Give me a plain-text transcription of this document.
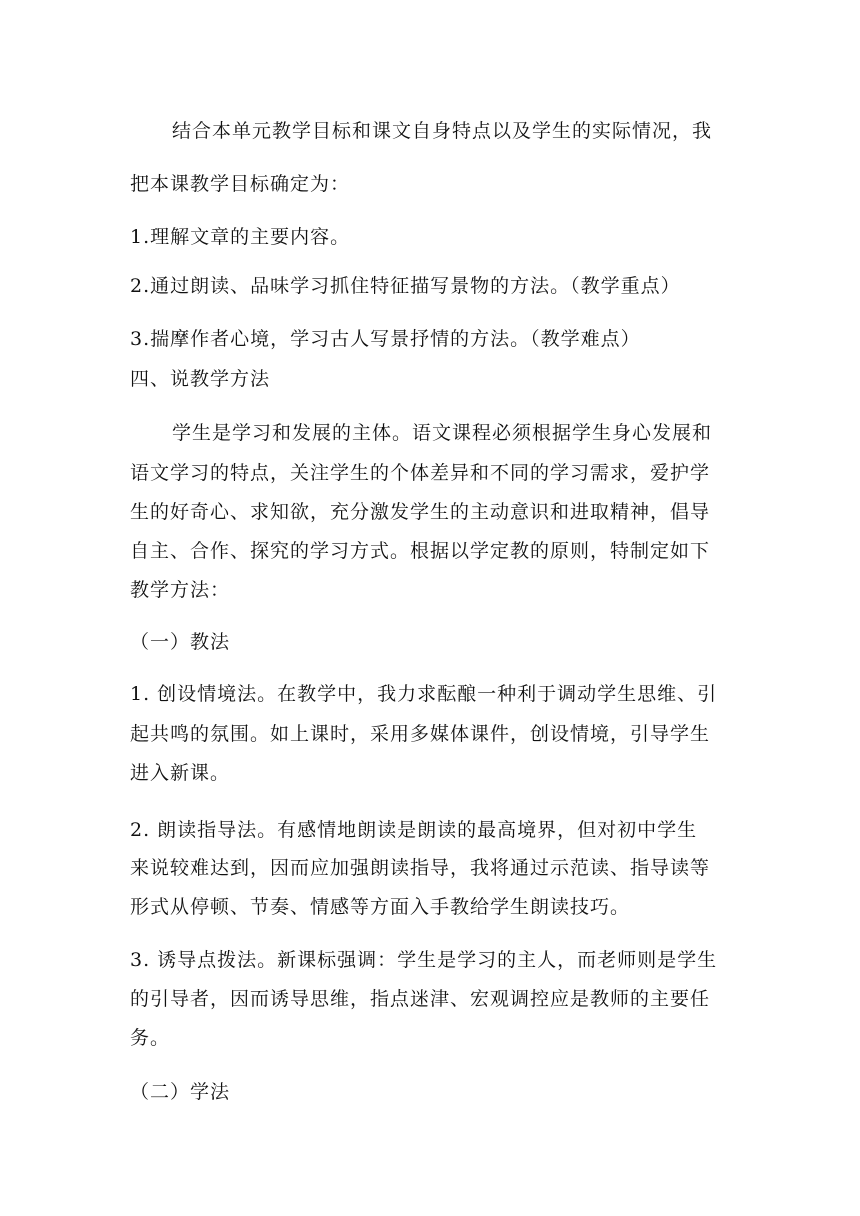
结合本单元教学目标和课文自身特点以及学生的实际情况，我
把本课教学目标确定为：
1.理解文章的主要内容。
2.通过朗读、品味学习抓住特征描写景物的方法。（教学重点）
3.揣摩作者心境，学习古人写景抒情的方法。（教学难点）
四、说教学方法
学生是学习和发展的主体。语文课程必须根据学生身心发展和
语文学习的特点，关注学生的个体差异和不同的学习需求，爱护学
生的好奇心、求知欲，充分激发学生的主动意识和进取精神，倡导
自主、合作、探究的学习方式。根据以学定教的原则，特制定如下
教学方法：
（一）教法
1. 创设情境法。在教学中，我力求酝酿一种利于调动学生思维、引
起共鸣的氛围。如上课时，采用多媒体课件，创设情境，引导学生
进入新课。
2. 朗读指导法。有感情地朗读是朗读的最高境界，但对初中学生
来说较难达到，因而应加强朗读指导，我将通过示范读、指导读等
形式从停顿、节奏、情感等方面入手教给学生朗读技巧。
3. 诱导点拨法。新课标强调：学生是学习的主人，而老师则是学生
的引导者，因而诱导思维，指点迷津、宏观调控应是教师的主要任
务。
（二）学法
